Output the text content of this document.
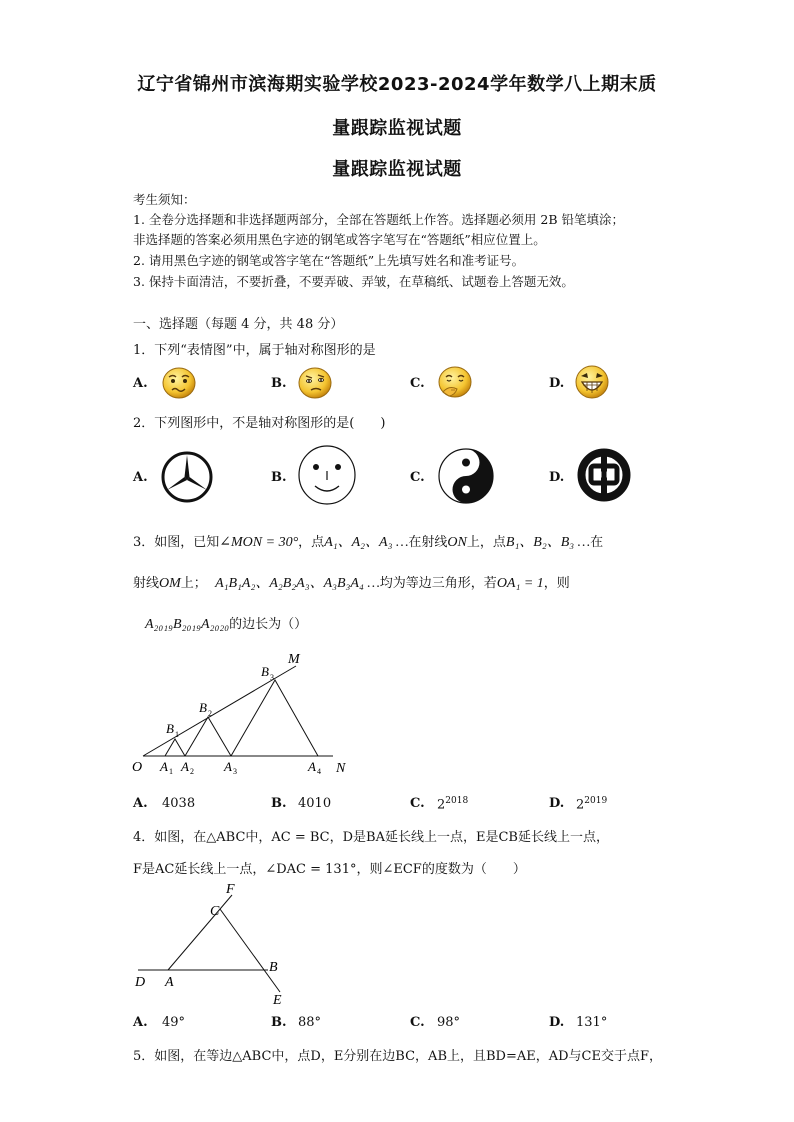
辽宁省锦州市滨海期实验学校2023-2024学年数学八上期末质
量跟踪监视试题
量跟踪监视试题
考生须知：
1. 全卷分选择题和非选择题两部分，全部在答题纸上作答。选择题必须用 2B 铅笔填涂；
非选择题的答案必须用黑色字迹的钢笔或答字笔写在“答题纸”相应位置上。
2. 请用黑色字迹的钢笔或答字笔在“答题纸”上先填写姓名和准考证号。
3. 保持卡面清洁，不要折叠，不要弄破、弄皱，在草稿纸、试题卷上答题无效。
一、选择题（每题 4 分，共 48 分）
1．下列“表情图”中，属于轴对称图形的是
A.	B.	C.	D.
2．下列图形中，不是轴对称图形的是(　　)
A.	B.	C.	D.
3．如图，已知∠MON = 30°，点A₁、A₂、A₃ …在射线ON上，点B₁、B₂、B₃ …在
射线OM上； A₁B₁A₂、A₂B₂A₃、A₃B₃A₄ …均为等边三角形，若OA₁ = 1，则
A₂₀₁₉B₂₀₁₉A₂₀₂₀的边长为（）
M
O	N
B 1
B 2
B 3
A 1 A 2 A 3	A 4
A. 4038	B. 4010	C. $2^{2018}$	D. $2^{2019}$
4．如图，在△ABC中，AC = BC，D是BA延长线上一点，E是CB延长线上一点，
F是AC延长线上一点，∠DAC = 131°，则∠ECF的度数为（　　）
F
C
D A
B
E
A. 49°	B. 88°	C. 98°	D. 131°
5．如图，在等边△ABC中，点D，E分别在边BC，AB上，且BD=AE，AD与CE交于点F，
